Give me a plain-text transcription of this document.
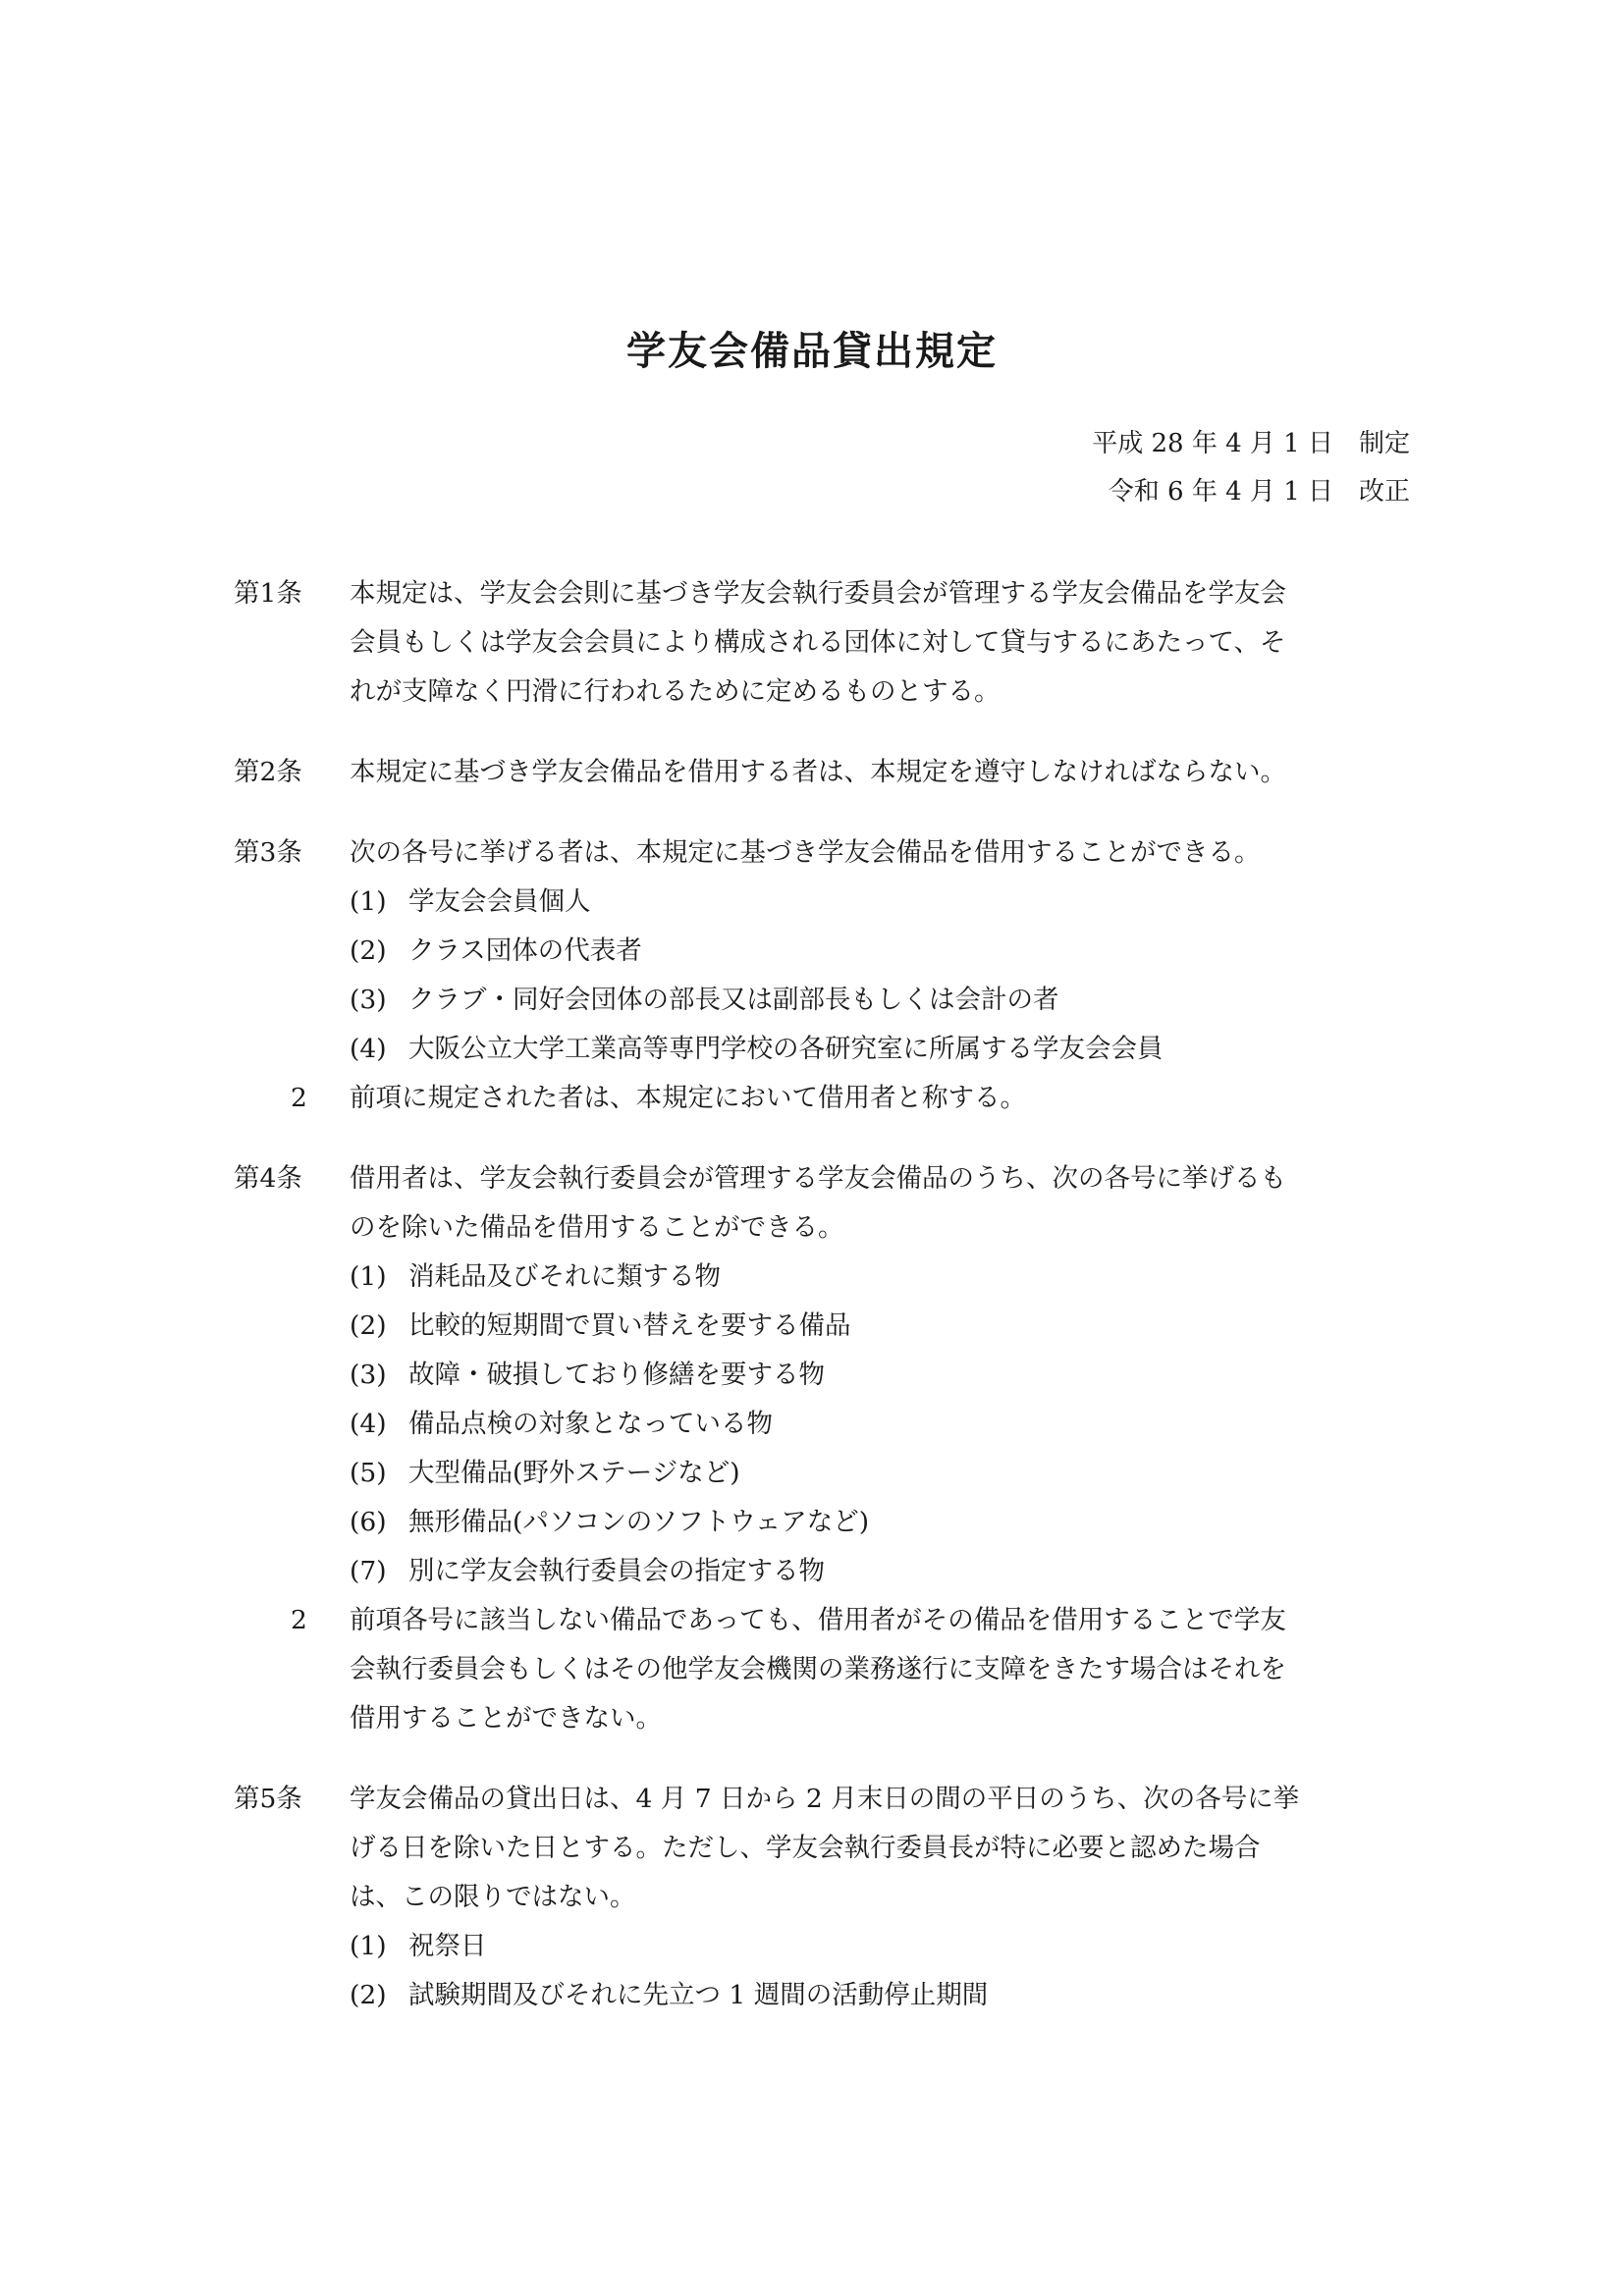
学友会備品貸出規定
平成 28 年 4 月 1 日　制定
令和 6 年 4 月 1 日　改正
第1条	本規定は、学友会会則に基づき学友会執行委員会が管理する学友会備品を学友会
会員もしくは学友会会員により構成される団体に対して貸与するにあたって、そ
れが支障なく円滑に行われるために定めるものとする。
第2条	本規定に基づき学友会備品を借用する者は、本規定を遵守しなければならない。
第3条	次の各号に挙げる者は、本規定に基づき学友会備品を借用することができる。
(1) 学友会会員個人
(2) クラス団体の代表者
(3) クラブ・同好会団体の部長又は副部長もしくは会計の者
(4) 大阪公立大学工業高等専門学校の各研究室に所属する学友会会員
2	前項に規定された者は、本規定において借用者と称する。
第4条	借用者は、学友会執行委員会が管理する学友会備品のうち、次の各号に挙げるも
のを除いた備品を借用することができる。
(1) 消耗品及びそれに類する物
(2) 比較的短期間で買い替えを要する備品
(3) 故障・破損しており修繕を要する物
(4) 備品点検の対象となっている物
(5) 大型備品(野外ステージなど)
(6) 無形備品(パソコンのソフトウェアなど)
(7) 別に学友会執行委員会の指定する物
2	前項各号に該当しない備品であっても、借用者がその備品を借用することで学友
会執行委員会もしくはその他学友会機関の業務遂行に支障をきたす場合はそれを
借用することができない。
第5条	学友会備品の貸出日は、4 月 7 日から 2 月末日の間の平日のうち、次の各号に挙
げる日を除いた日とする。ただし、学友会執行委員長が特に必要と認めた場合
は、この限りではない。
(1) 祝祭日
(2) 試験期間及びそれに先立つ 1 週間の活動停止期間
